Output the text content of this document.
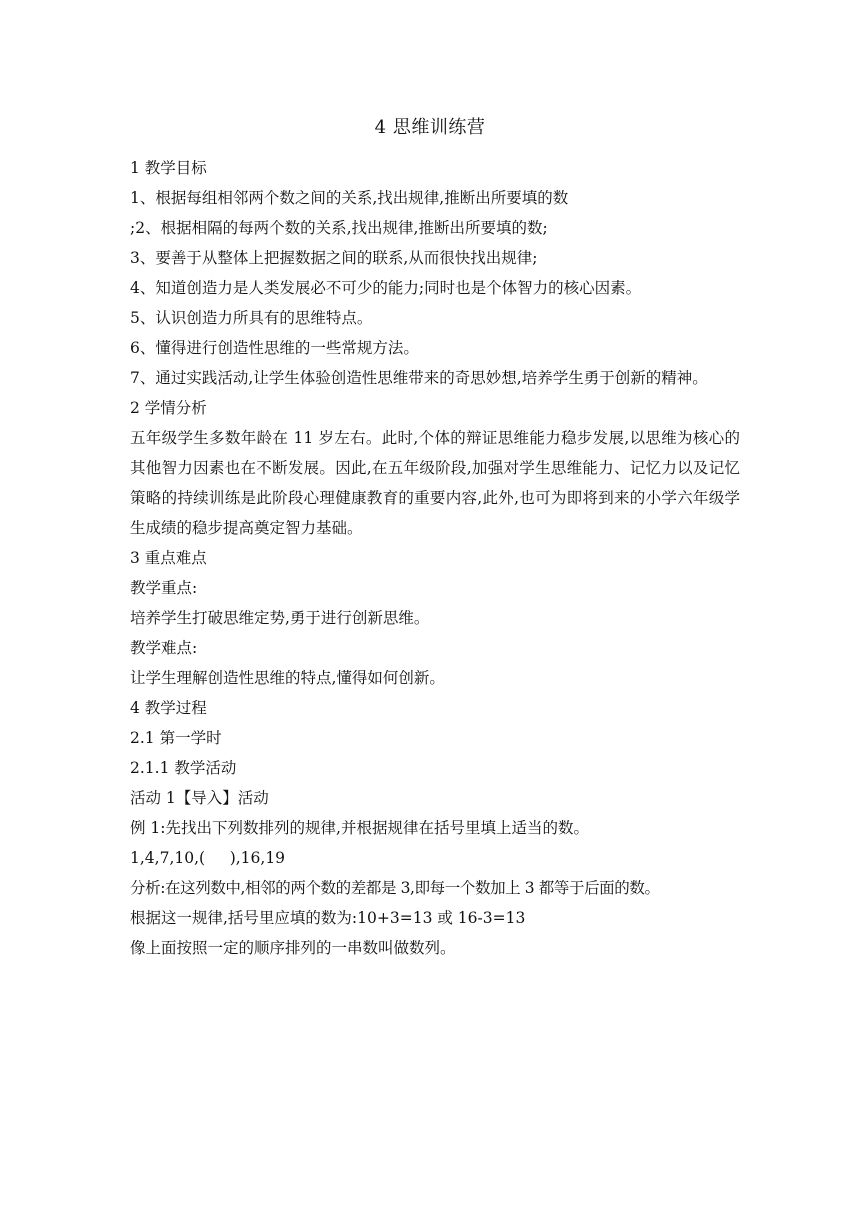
4 思维训练营

1 教学目标

1、根据每组相邻两个数之间的关系,找出规律,推断出所要填的数

;2、根据相隔的每两个数的关系,找出规律,推断出所要填的数;

3、要善于从整体上把握数据之间的联系,从而很快找出规律;

4、知道创造力是人类发展必不可少的能力;同时也是个体智力的核心因素。

5、认识创造力所具有的思维特点。

6、懂得进行创造性思维的一些常规方法。

7、通过实践活动,让学生体验创造性思维带来的奇思妙想,培养学生勇于创新的精神。

2 学情分析

五年级学生多数年龄在 11 岁左右。此时,个体的辩证思维能力稳步发展,以思维为核心的其他智力因素也在不断发展。因此,在五年级阶段,加强对学生思维能力、记忆力以及记忆策略的持续训练是此阶段心理健康教育的重要内容,此外,也可为即将到来的小学六年级学生成绩的稳步提高奠定智力基础。

3 重点难点

教学重点:

培养学生打破思维定势,勇于进行创新思维。

教学难点:

让学生理解创造性思维的特点,懂得如何创新。

4 教学过程

2.1 第一学时

2.1.1 教学活动

活动 1【导入】活动

例 1:先找出下列数排列的规律,并根据规律在括号里填上适当的数。

1,4,7,10,(     ),16,19

分析:在这列数中,相邻的两个数的差都是 3,即每一个数加上 3 都等于后面的数。

根据这一规律,括号里应填的数为:10+3=13 或 16-3=13

像上面按照一定的顺序排列的一串数叫做数列。
